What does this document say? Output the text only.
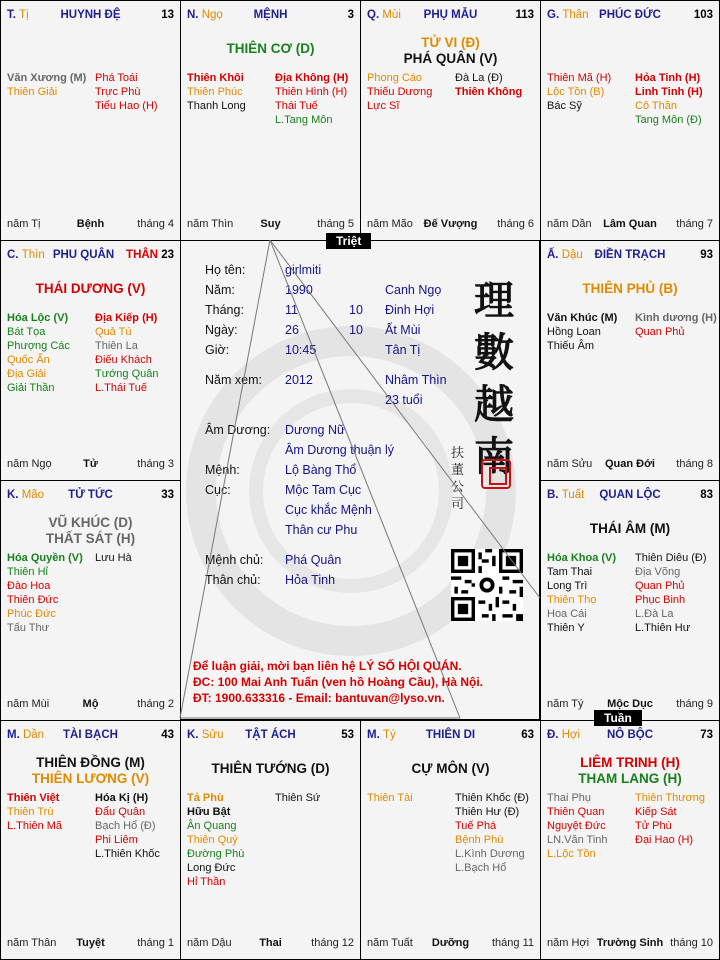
T. Tị	HUYNH ĐỆ	13
Văn Xương (M)
Thiên Giải
Phá Toái
Trực Phù
Tiểu Hao (H)
năm Tị	Bệnh	tháng 4
N. Ngọ	MỆNH	3
THIÊN CƠ (D)
Thiên Khôi
Thiên Phúc
Thanh Long
Địa Không (H)
Thiên Hình (H)
Thái Tuế
L.Tang Môn
năm Thìn	Suy	tháng 5
Q. Mùi	PHỤ MẪU	113
TỬ VI (Đ)
PHÁ QUÂN (V)
Phong Cáo
Thiếu Dương
Lực Sĩ
Đà La (Đ)
Thiên Không
năm Mão Đế Vượng	tháng 6
G. Thân PHÚC ĐỨC	103
Thiên Mã (H)
Lộc Tồn (B)
Bác Sỹ
Hỏa Tinh (H)
Linh Tinh (H)
Cô Thần
Tang Môn (Đ)
năm Dần	Lâm Quan	tháng 7
C. Thìn PHU QUÂN	THÂN 23
THÁI DƯƠNG (V)
Hóa Lộc (V)
Bát Tọa
Phượng Các
Quốc Ấn
Địa Giải
Giải Thần
Địa Kiếp (H)
Quả Tú
Thiên La
Điếu Khách
Tướng Quân
L.Thái Tuế
năm Ngọ	Tử	tháng 3
Ấ. Dậu	ĐIỀN TRẠCH	93
THIÊN PHỦ (B)
Văn Khúc (M)
Hồng Loan
Thiếu Âm
Kình dương (H)
Quan Phủ
năm Sửu	Quan Đới	tháng 8
K. Mão	TỬ TỨC	33
VŨ KHÚC (D)
THẤT SÁT (H)
Hóa Quyền (V)
Thiên Hỉ
Đào Hoa
Thiên Đức
Phúc Đức
Tấu Thư
Lưu Hà
năm Mùi	Mộ	tháng 2
B. Tuất	QUAN LỘC	83
THÁI ÂM (M)
Hóa Khoa (V)
Tam Thai
Long Trì
Thiên Thọ
Hoa Cái
Thiên Y
Thiên Diêu (Đ)
Địa Võng
Quan Phủ
Phục Binh
L.Đà La
L.Thiên Hư
năm Tý	Mộc Dục	tháng 9
M. Dần	TÀI BẠCH	43
THIÊN ĐỒNG (M)
THIÊN LƯƠNG (V)
Thiên Việt
Thiên Trù
L.Thiên Mã
Hóa Kị (H)
Đẩu Quân
Bạch Hổ (Đ)
Phi Liêm
L.Thiên Khốc
năm Thân	Tuyệt	tháng 1
K. Sửu	TẬT ÁCH	53
THIÊN TƯỚNG (D)
Tả Phù
Hữu Bật
Ân Quang
Thiên Quý
Đường Phù
Long Đức
Hỉ Thần
Thiên Sứ
năm Dậu	Thai	tháng 12
M. Tý	THIÊN DI	63
CỰ MÔN (V)
Thiên Tài	Thiên Khốc (Đ)
Thiên Hư (Đ)
Tuế Phá
Bệnh Phù
L.Kình Dương
L.Bạch Hổ
năm Tuất	Dưỡng	tháng 11
Đ. Hợi	NÔ BỘC	73
LIÊM TRINH (H)
THAM LANG (H)
Thai Phụ
Thiên Quan
Nguyệt Đức
LN.Văn Tinh
L.Lộc Tồn
Thiên Thương
Kiếp Sát
Tử Phù
Đại Hao (H)
năm Hợi Trường Sinh tháng 10
Họ tên:	girlmiti
Năm:	1990	Canh Ngọ
Tháng:	11	10 Đinh Hợi
Ngày:	26	10 Ất Mùi
Giờ:	10:45	Tân Tị
Năm xem: 2012	Nhâm Thìn
23 tuổi
Âm Dương: Dương Nữ
Âm Dương thuận lý
Mệnh:	Lộ Bàng Thổ
Cục:	Mộc Tam Cục
Cục khắc Mệnh
Thân cư Phu
Mệnh chủ: Phá Quân
Thân chủ: Hỏa Tinh
理
數
越
南
扶董公司
Để luận giải, mời bạn liên hệ LÝ SỐ HỘI QUÁN.
ĐC: 100 Mai Anh Tuấn (ven hồ Hoàng Cầu), Hà Nội.
ĐT: 1900.633316 - Email: bantuvan@lyso.vn.
Triệt
Tuần
